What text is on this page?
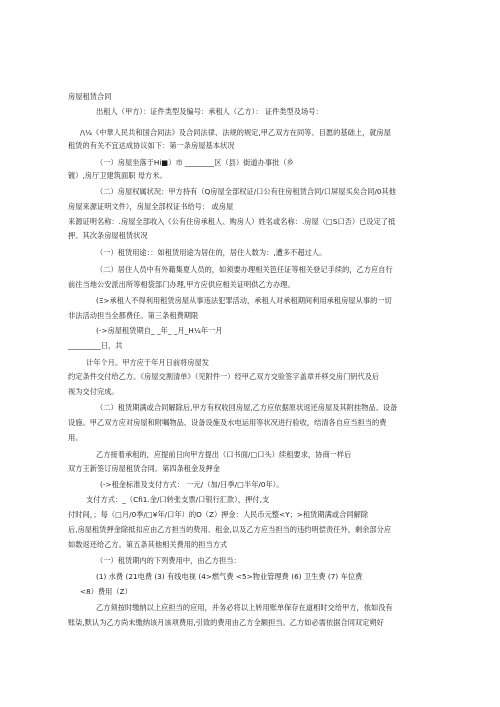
房屋租赁合同
出租人（甲方）：证件类型及编号：承租人（乙方）： 证件类型及场号：
/\¼《中華人民共和国合同法》及合同法律、法规的规定,甲乙双方在同等、目愿的基础上，就房屋
租赁的有关不宜达成协议如下：第一条房屋基本状况
（一）房屋坐落于Hi■）市 ________区（县）街道办事批（乡
镀）,房厅卫建筑面职 母方米。
（二）房屋权属状况：甲方持有（Q房屋全部权证/口公有住房租赁合同/口屏屋买矣合同/0其他
房屋来源证明文件），房屋全部权证书给号： 或房屋
来源证明名称：.房屋全部收入《公有住房承租人、购房人）姓名或名称：.房屋（□S口否）已设定了抵
押。其次条房屋租赁状况
（一）租赁用途：：如租赁用途为居住的，居住人数为：,遭多不超过人。
（二）居住人员中有外籍集夏人员的，如须要办理相关笆任证等相关登记手续的，乙方应自行
前往当地公安派出所等相袋部门办理,甲方应供应相关证明供乙方办理。
(Ξ>承租人不得利用租赁房屋从事违法犯罪活动，承租人对承租期间利用承租房屋从事的一切
非法活动担当全都费任。第三条租费期限
(->房屋租赁期自_ _年_ _月_H¼年一月
_________日，共
计年个月。甲方应于年月日前将房屋发
约定条件交付给乙方。《房屋交割清单》（见附件一）经甲乙双方交验签字盖章并移交房门钥代及后
视为交付完成。
（二）租赁期满或合同解除后,甲方有权收回房屋,乙方应依据原状返还房屋及其附挂物品、设备
设施。甲乙双方应对房屋和附嘱物品、设备设施及水电运用等状况进行验收，结清各自应当担当的费
用。
乙方接着承租的，应提前日向甲方提出（口书面/□口头）续租要求，协商一样后
双方王新签订房屋租赁合同。第四条租金及押金
(->租金标准及支付方式： 一元/（加/日季/□半年/0年）。
支付方式：_（Cfi1.金/口转张支票/口银行汇款），押付,支
付时间，；每（□月/0季/□¥年/口年）的O（Z）押金：人民币元整<Y；>租赁期满或合同解除
后,房屋租赁押金除抵扣应由乙方担当的贽用、租金,以及乙方应当担当的违约明偿责任外，剩余部分应
如数返还给乙方。第五条其他相关费用的担当方式
（一）租赁期内的下列费用中，由乙方担当：
(1) 水费 (21电费 (3) 有线电视 (4>燃气费 <5>物业管理费 (6) 卫生费 (7) 车位费
<8）费用（Z）
乙方须按时缴纳以上应担当的应用，并务必将以上转用账单保存在道相时交给甲方，侬如没有
账柒,默认为乙方尚未缴纳该月该项费用,引致的费用由乙方全额担当。乙方如必需依据合同双定朔好
